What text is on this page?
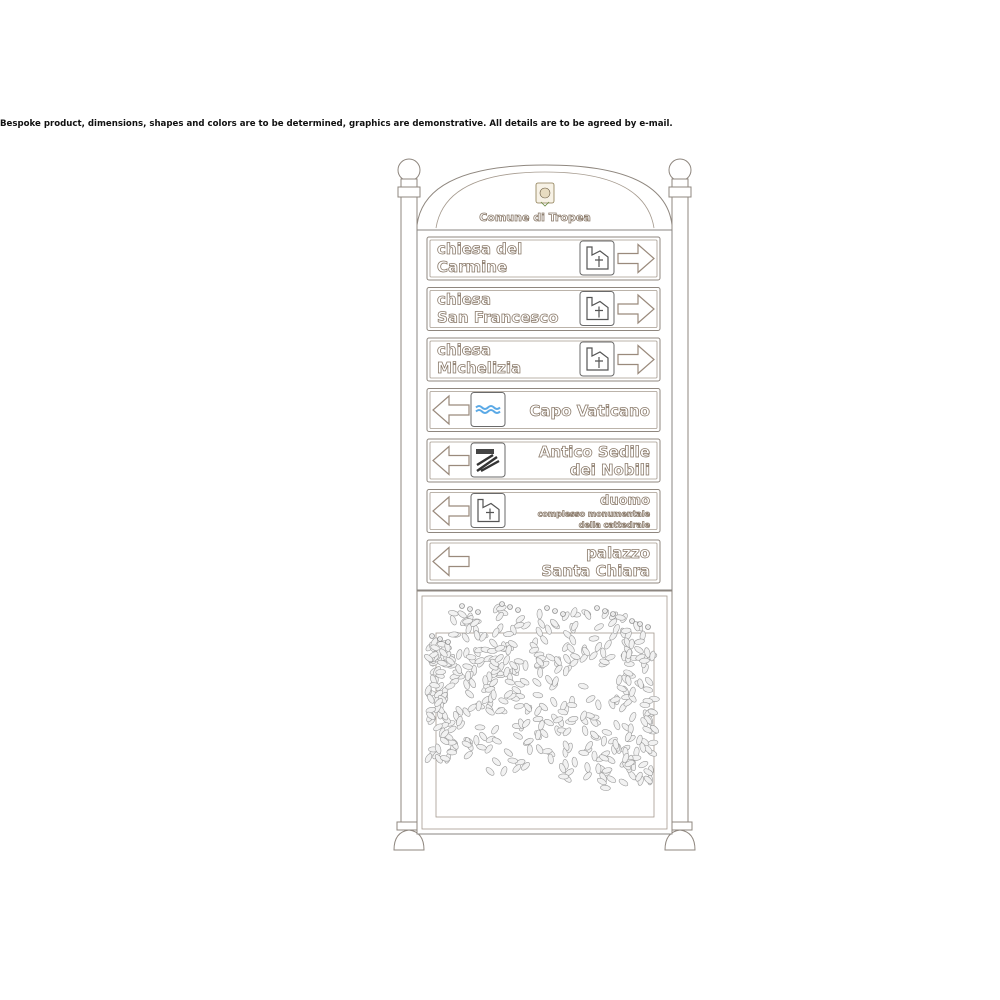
Bespoke product, dimensions, shapes and colors are to be determined, graphics are demonstrative. All details are to be agreed by e-mail.
Comune di Tropea
chiesa del
Carmine
chiesa
San Francesco
chiesa
Michelizia
Capo Vaticano
Antico Sedile
dei Nobili
duomo
complesso monumentale
della cattedrale
palazzo
Santa Chiara
